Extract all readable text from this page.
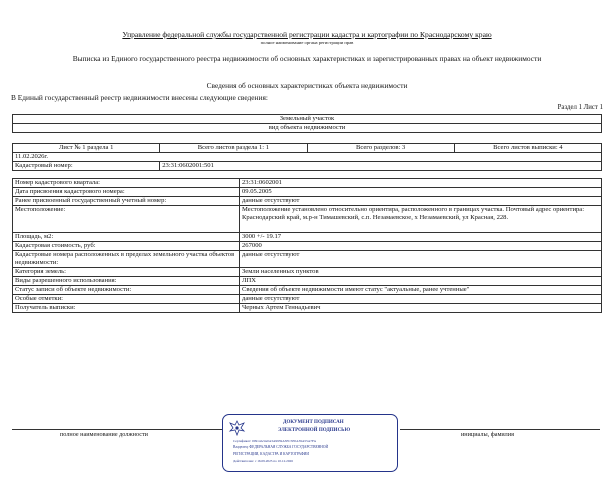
Управление федеральной службы государственной регистрации кадастра и картографии по Краснодарскому краю
полное наименование органа регистрации прав
Выписка из Единого государственного реестра недвижимости об основных характеристиках и зарегистрированных правах на объект недвижимости
Сведения об основных характеристиках объекта недвижимости
В Единый государственный реестр недвижимости внесены следующие сведения:
Раздел 1 Лист 1
Земельный участок
вид объекта недвижимости
Лист № 1 раздела 1	Всего листов раздела 1: 1	Всего разделов: 3	Всего листов выписки: 4
11.02.2026г.			
Кадастровый номер:	23:31:0602001:501		
Номер кадастрового квартала:	23:31:0602001
Дата присвоения кадастрового номера:	09.05.2005
Ранее присвоенный государственный учетный номер:	данные отсутствуют
Местоположение:	Местоположение установлено относительно ориентира, расположенного в границах участка. Почтовый адрес ориентира: Краснодарский край, м.р-н Тимашевский, с.п. Незамаевское, х Незамаевский, ул Красная, 228.
Площадь, м2:	3000 +/- 19.17
Кадастровая стоимость, руб:	267000
Кадастровые номера расположенных в пределах земельного участка объектов недвижимости:	данные отсутствуют
Категория земель:	Земли населенных пунктов
Виды разрешенного использования:	ЛПХ
Статус записи об объекте недвижимости:	Сведения об объекте недвижимости имеют статус "актуальные, ранее учтенные"
Особые отметки:	данные отсутствуют
Получатель выписки:	Черных Артем Геннадьевич
полное наименование должности	инициалы, фамилия
ДОКУМЕНТ ПОДПИСАН
ЭЛЕКТРОННОЙ ПОДПИСЬЮ
Сертификат: 00914A3A0A3A9939A3EC5E0A39A55A7FA
Владелец: ФЕДЕРАЛЬНАЯ СЛУЖБА ГОСУДАРСТВЕННОЙ
РЕГИСТРАЦИИ, КАДАСТРА И КАРТОГРАФИИ
Действителен: с 16.09.2025 по 10.12.2026
